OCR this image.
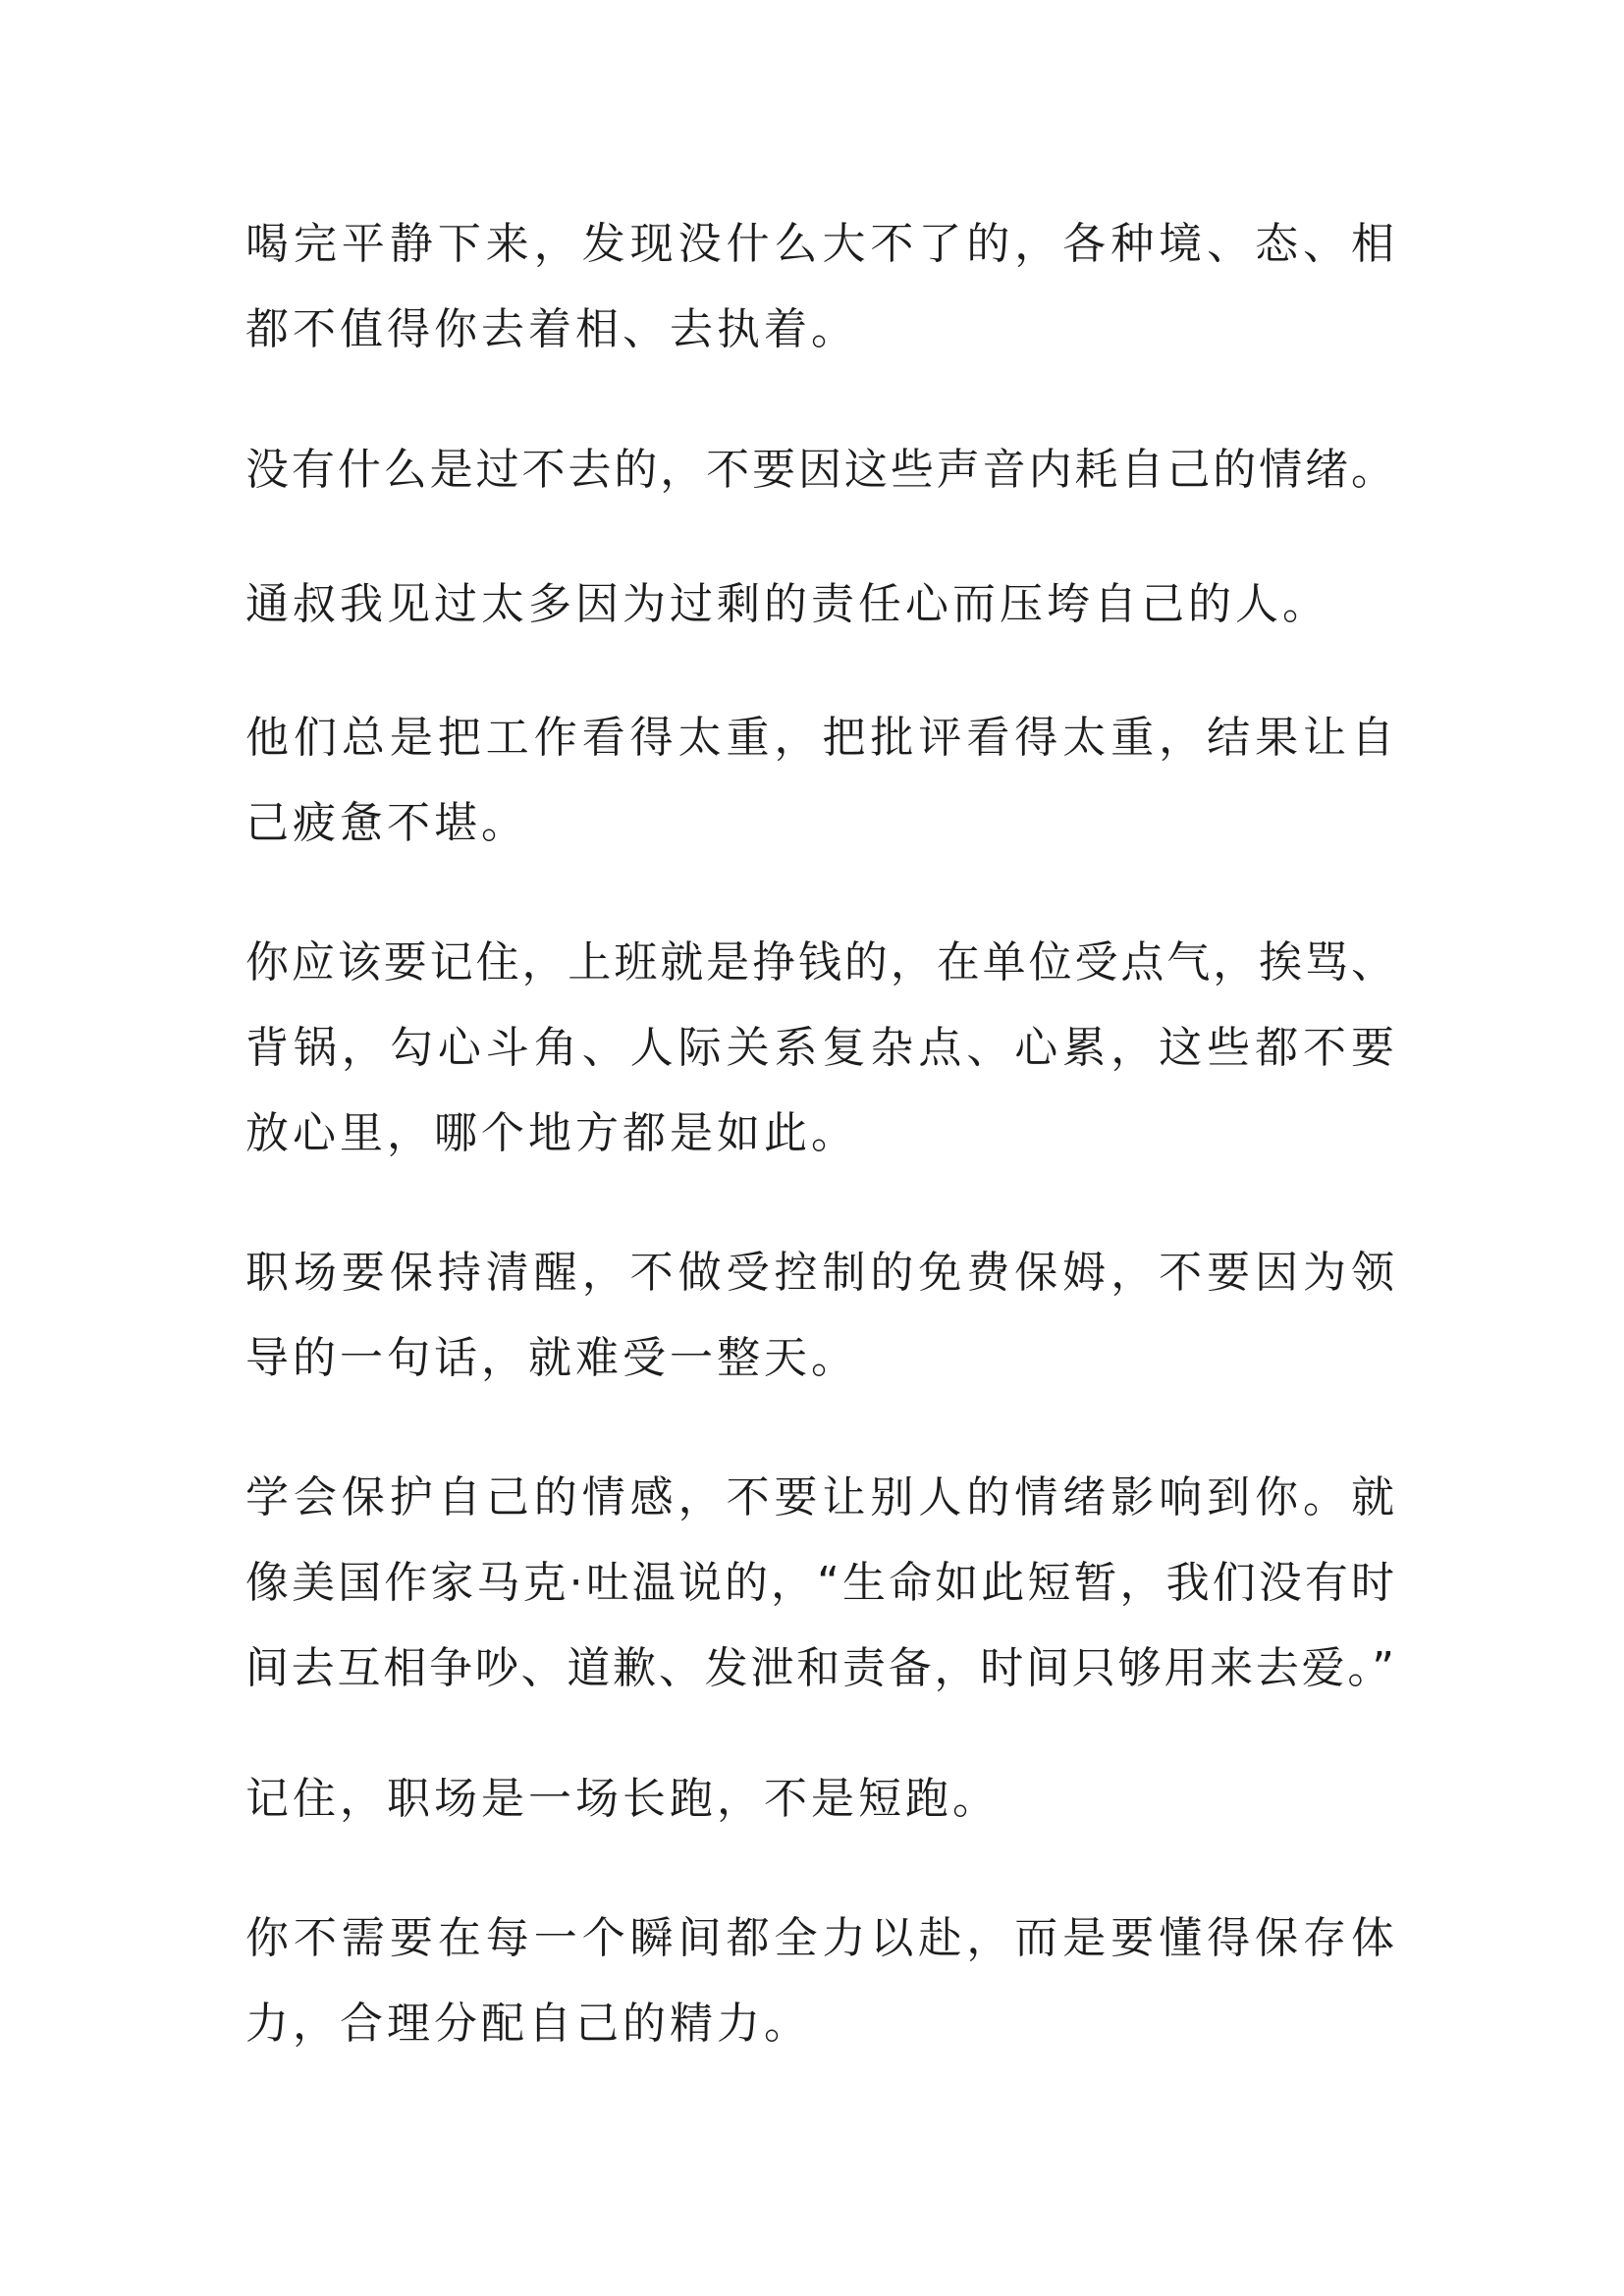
喝完平静下来，发现没什么大不了的，各种境、态、相
都不值得你去着相、去执着。
没有什么是过不去的，不要因这些声音内耗自己的情绪。
通叔我见过太多因为过剩的责任心而压垮自己的人。
他们总是把工作看得太重，把批评看得太重，结果让自
己疲惫不堪。
你应该要记住，上班就是挣钱的，在单位受点气，挨骂、
背锅，勾心斗角、人际关系复杂点、心累，这些都不要
放心里，哪个地方都是如此。
职场要保持清醒，不做受控制的免费保姆，不要因为领
导的一句话，就难受一整天。
学会保护自己的情感，不要让别人的情绪影响到你。就
像美国作家马克·吐温说的，“生命如此短暂，我们没有时
间去互相争吵、道歉、发泄和责备，时间只够用来去爱。”
记住，职场是一场长跑，不是短跑。
你不需要在每一个瞬间都全力以赴，而是要懂得保存体
力，合理分配自己的精力。
